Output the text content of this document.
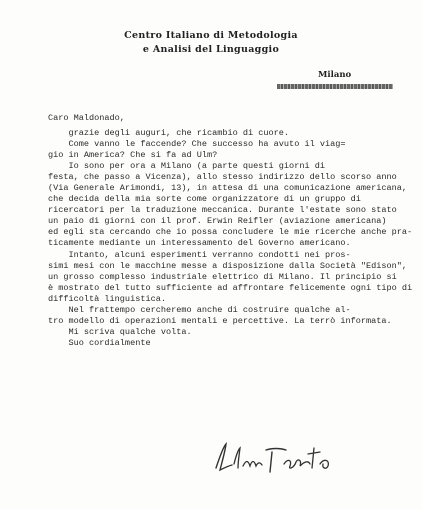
Centro Italiano di Metodologia
e Analisi del Linguaggio
Milano
Caro Maldonado,
grazie degli auguri, che ricambio di cuore.
Come vanno le faccende? Che successo ha avuto il viag=
gio in America? Che si fa ad Ulm?
Io sono per ora a Milano (a parte questi giorni di
festa, che passo a Vicenza), allo stesso indirizzo dello scorso anno
(Via Generale Arimondi, 13), in attesa di una comunicazione americana,
che decida della mia sorte come organizzatore di un gruppo di
ricercatori per la traduzione meccanica. Durante l'estate sono stato
un paio di giorni con il prof. Erwin Reifler (aviazione americana)
ed egli sta cercando che io possa concludere le mie ricerche anche pra-
ticamente mediante un interessamento del Governo americano.
Intanto, alcuni esperimenti verranno condotti nei pros-
simi mesi con le macchine messe a disposizione dalla Società "Edison",
un grosso complesso industriale elettrico di Milano. Il principio si
è mostrato del tutto sufficiente ad affrontare felicemente ogni tipo di
difficoltà linguistica.
Nel frattempo cercheremo anche di costruire qualche al-
tro modello di operazioni mentali e percettive. La terrò informata.
Mi scriva qualche volta.
Suo cordialmente
